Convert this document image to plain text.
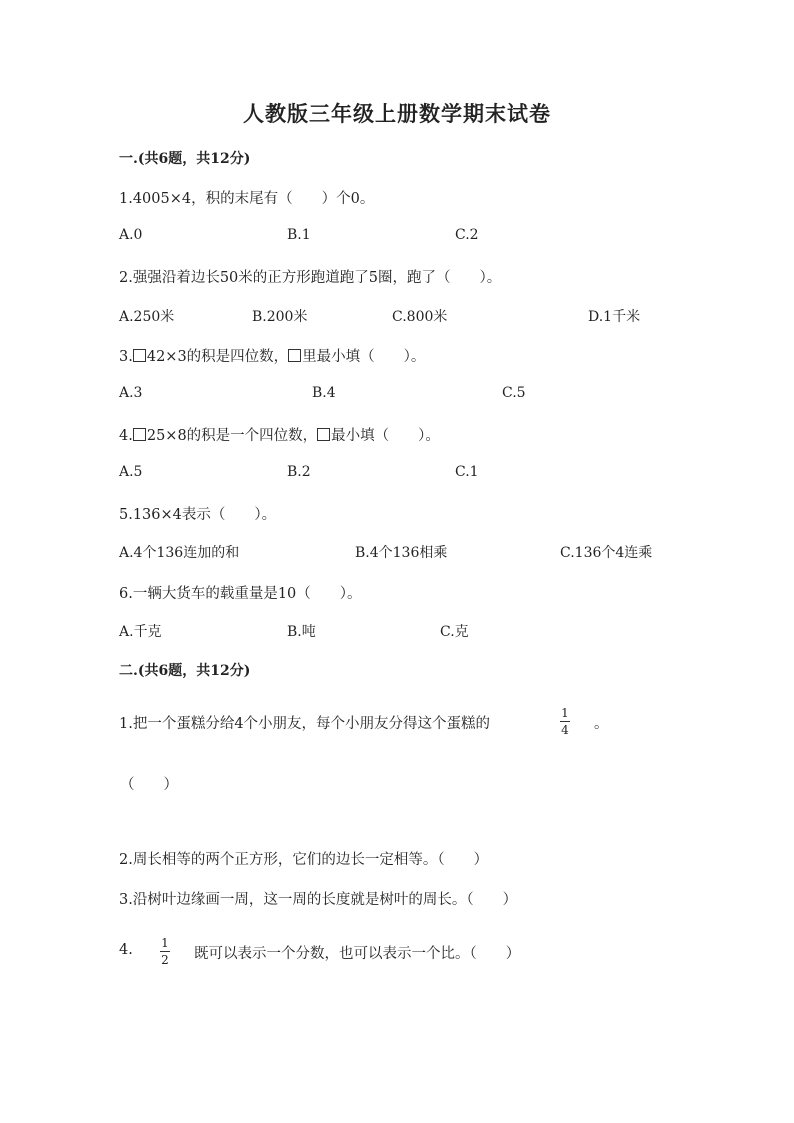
人教版三年级上册数学期末试卷
一.(共6题，共12分)
1.4005×4，积的末尾有（　　）个0。
A.0	B.1	C.2
2.强强沿着边长50米的正方形跑道跑了5圈，跑了（　　）。
A.250米	B.200米	C.800米	D.1千米
3. 42×3的积是四位数， 里最小填（　　）。
A.3	B.4	C.5
4. 25×8的积是一个四位数， 最小填（　　）。
A.5	B.2	C.1
5.136×4表示（　　）。
A.4个136连加的和	B.4个136相乘	C.136个4连乘
6.一辆大货车的载重量是10（　　）。
A.千克	B.吨	C.克
二.(共6题，共12分)
1.把一个蛋糕分给4个小朋友，每个小朋友分得这个蛋糕的
1
4 。
（　　）
2.周长相等的两个正方形，它们的边长一定相等。（　　）
3.沿树叶边缘画一周，这一周的长度就是树叶的周长。（　　）
4. 1
2 既可以表示一个分数，也可以表示一个比。（　　）
